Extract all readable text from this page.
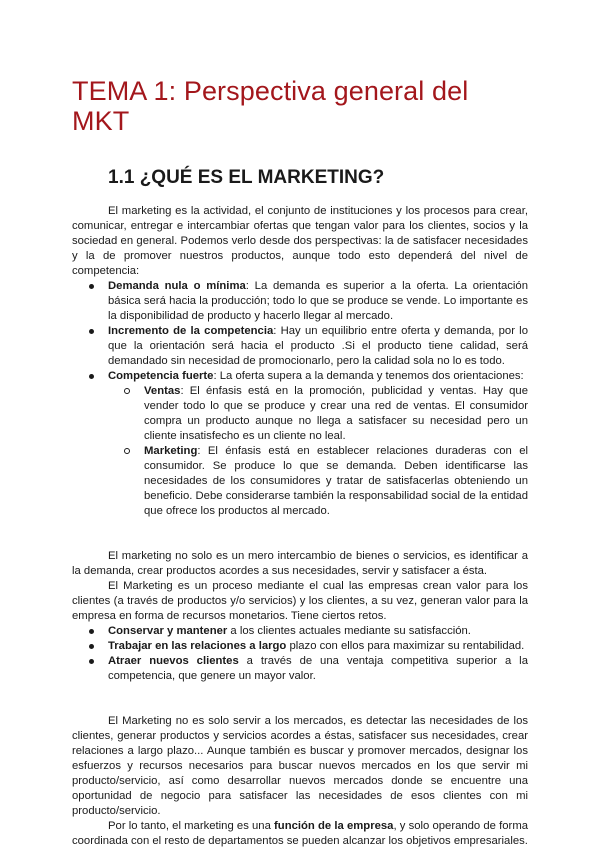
TEMA 1: Perspectiva general del MKT
1.1 ¿QUÉ ES EL MARKETING?

El marketing es la actividad, el conjunto de instituciones y los procesos para crear, comunicar, entregar e intercambiar ofertas que tengan valor para los clientes, socios y la sociedad en general. Podemos verlo desde dos perspectivas: la de satisfacer necesidades y la de promover nuestros productos, aunque todo esto dependerá del nivel de competencia:

Demanda nula o mínima: La demanda es superior a la oferta. La orientación básica será hacia la producción; todo lo que se produce se vende. Lo importante es la disponibilidad de producto y hacerlo llegar al mercado.
Incremento de la competencia: Hay un equilibrio entre oferta y demanda, por lo que la orientación será hacia el producto .Si el producto tiene calidad, será demandado sin necesidad de promocionarlo, pero la calidad sola no lo es todo.
Competencia fuerte: La oferta supera a la demanda y tenemos dos orientaciones:
Ventas: El énfasis está en la promoción, publicidad y ventas. Hay que vender todo lo que se produce y crear una red de ventas. El consumidor compra un producto aunque no llega a satisfacer su necesidad pero un cliente insatisfecho es un cliente no leal.
Marketing: El énfasis está en establecer relaciones duraderas con el consumidor. Se produce lo que se demanda. Deben identificarse las necesidades de los consumidores y tratar de satisfacerlas obteniendo un beneficio. Debe considerarse también la responsabilidad social de la entidad que ofrece los productos al mercado.

El marketing no solo es un mero intercambio de bienes o servicios, es identificar a la demanda, crear productos acordes a sus necesidades, servir y satisfacer a ésta.

El Marketing es un proceso mediante el cual las empresas crean valor para los clientes (a través de productos y/o servicios) y los clientes, a su vez, generan valor para la empresa en forma de recursos monetarios. Tiene ciertos retos.

Conservar y mantener a los clientes actuales mediante su satisfacción.
Trabajar en las relaciones a largo plazo con ellos para maximizar su rentabilidad.
Atraer nuevos clientes a través de una ventaja competitiva superior a la competencia, que genere un mayor valor.

El Marketing no es solo servir a los mercados, es detectar las necesidades de los clientes, generar productos y servicios acordes a éstas, satisfacer sus necesidades, crear relaciones a largo plazo... Aunque también es buscar y promover mercados, designar los esfuerzos y recursos necesarios para buscar nuevos mercados en los que servir mi producto/servicio, así como desarrollar nuevos mercados donde se encuentre una oportunidad de negocio para satisfacer las necesidades de esos clientes con mi producto/servicio.

Por lo tanto, el marketing es una función de la empresa, y solo operando de forma coordinada con el resto de departamentos se pueden alcanzar los objetivos empresariales.
